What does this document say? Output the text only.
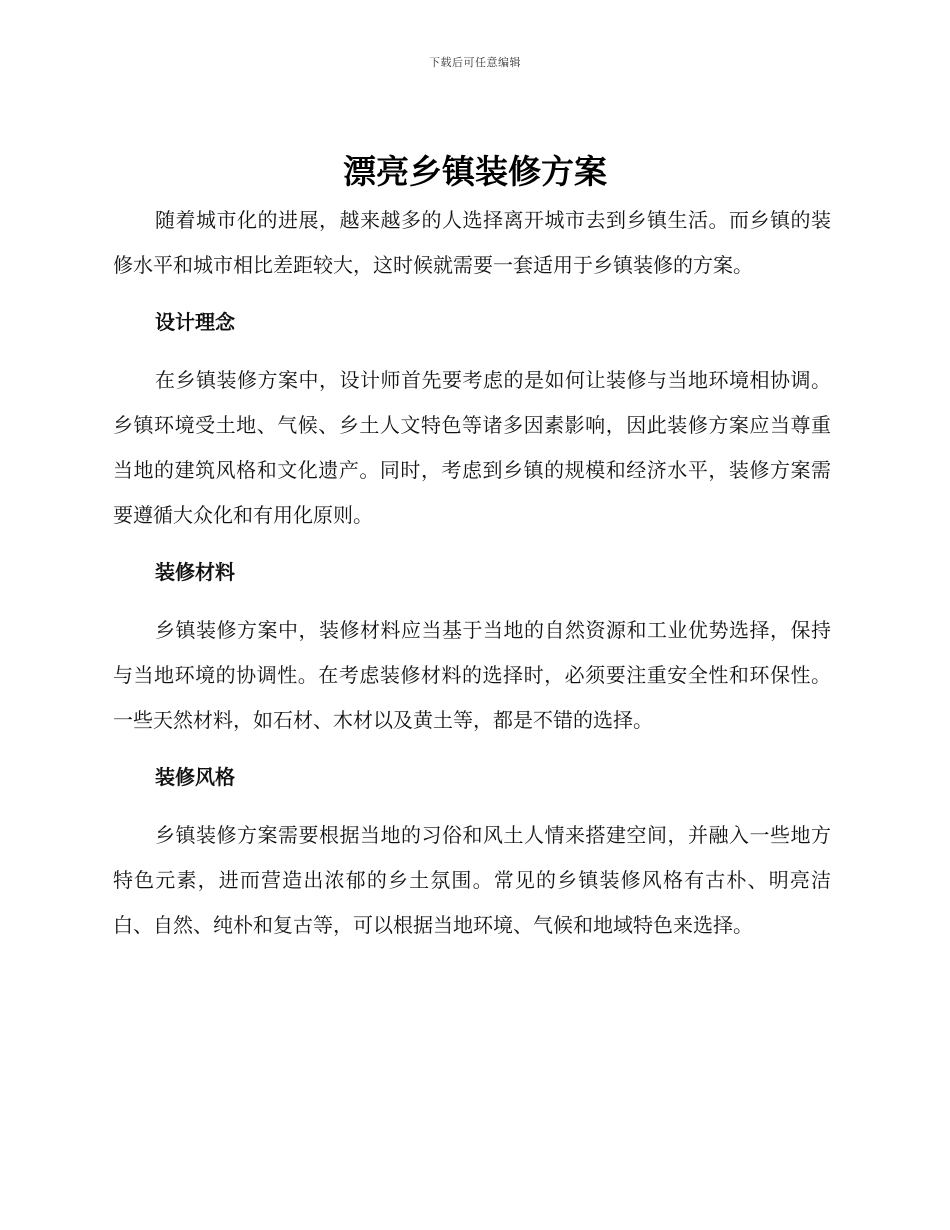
下载后可任意编辑
漂亮乡镇装修方案

随着城市化的进展，越来越多的人选择离开城市去到乡镇生活。而乡镇的装修水平和城市相比差距较大，这时候就需要一套适用于乡镇装修的方案。

设计理念

在乡镇装修方案中，设计师首先要考虑的是如何让装修与当地环境相协调。乡镇环境受土地、气候、乡土人文特色等诸多因素影响，因此装修方案应当尊重当地的建筑风格和文化遗产。同时，考虑到乡镇的规模和经济水平，装修方案需要遵循大众化和有用化原则。

装修材料

乡镇装修方案中，装修材料应当基于当地的自然资源和工业优势选择，保持与当地环境的协调性。在考虑装修材料的选择时，必须要注重安全性和环保性。一些天然材料，如石材、木材以及黄土等，都是不错的选择。

装修风格

乡镇装修方案需要根据当地的习俗和风土人情来搭建空间，并融入一些地方特色元素，进而营造出浓郁的乡土氛围。常见的乡镇装修风格有古朴、明亮洁白、自然、纯朴和复古等，可以根据当地环境、气候和地域特色来选择。
